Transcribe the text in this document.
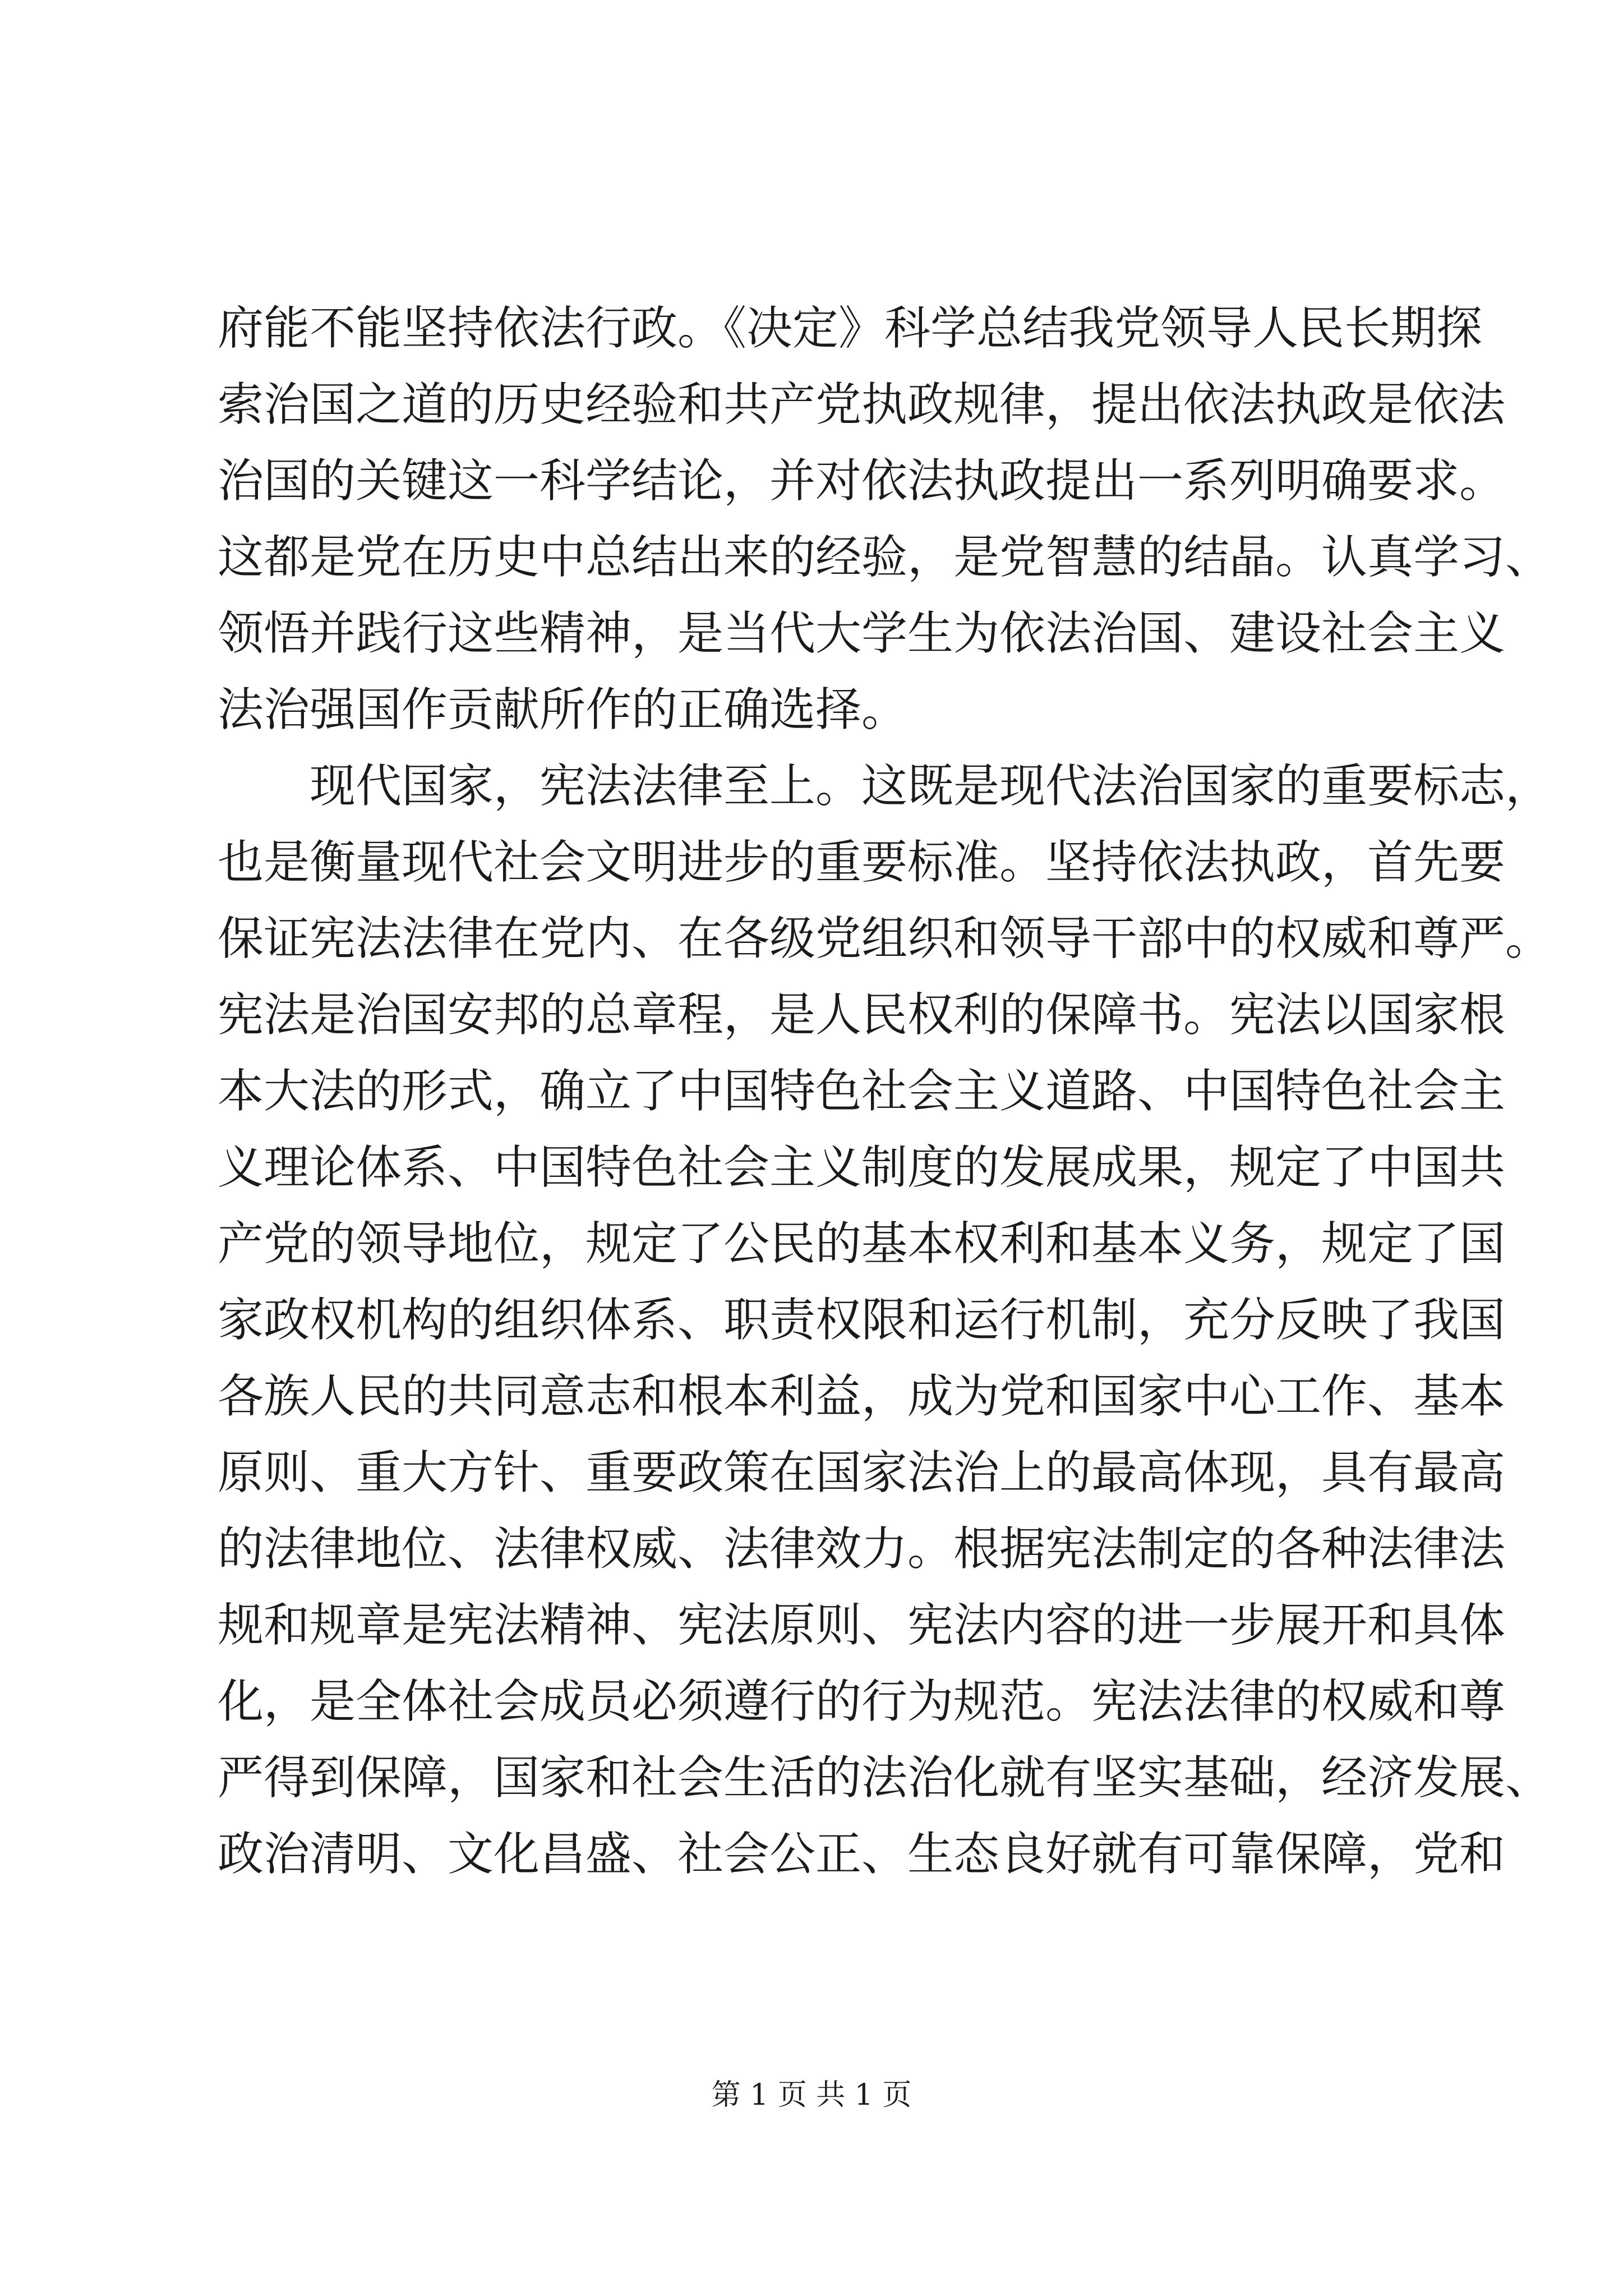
府能不能坚持依法行政。《决定》科学总结我党领导人民长期探
索治国之道的历史经验和共产党执政规律，提出依法执政是依法
治国的关键这一科学结论，并对依法执政提出一系列明确要求。
这都是党在历史中总结出来的经验，是党智慧的结晶。认真学习、
领悟并践行这些精神，是当代大学生为依法治国、建设社会主义
法治强国作贡献所作的正确选择。
现代国家，宪法法律至上。这既是现代法治国家的重要标志，
也是衡量现代社会文明进步的重要标准。坚持依法执政，首先要
保证宪法法律在党内、在各级党组织和领导干部中的权威和尊严。
宪法是治国安邦的总章程，是人民权利的保障书。宪法以国家根
本大法的形式，确立了中国特色社会主义道路、中国特色社会主
义理论体系、中国特色社会主义制度的发展成果，规定了中国共
产党的领导地位，规定了公民的基本权利和基本义务，规定了国
家政权机构的组织体系、职责权限和运行机制，充分反映了我国
各族人民的共同意志和根本利益，成为党和国家中心工作、基本
原则、重大方针、重要政策在国家法治上的最高体现，具有最高
的法律地位、法律权威、法律效力。根据宪法制定的各种法律法
规和规章是宪法精神、宪法原则、宪法内容的进一步展开和具体
化，是全体社会成员必须遵行的行为规范。宪法法律的权威和尊
严得到保障，国家和社会生活的法治化就有坚实基础，经济发展、
政治清明、文化昌盛、社会公正、生态良好就有可靠保障，党和
第 1 页 共 1 页
